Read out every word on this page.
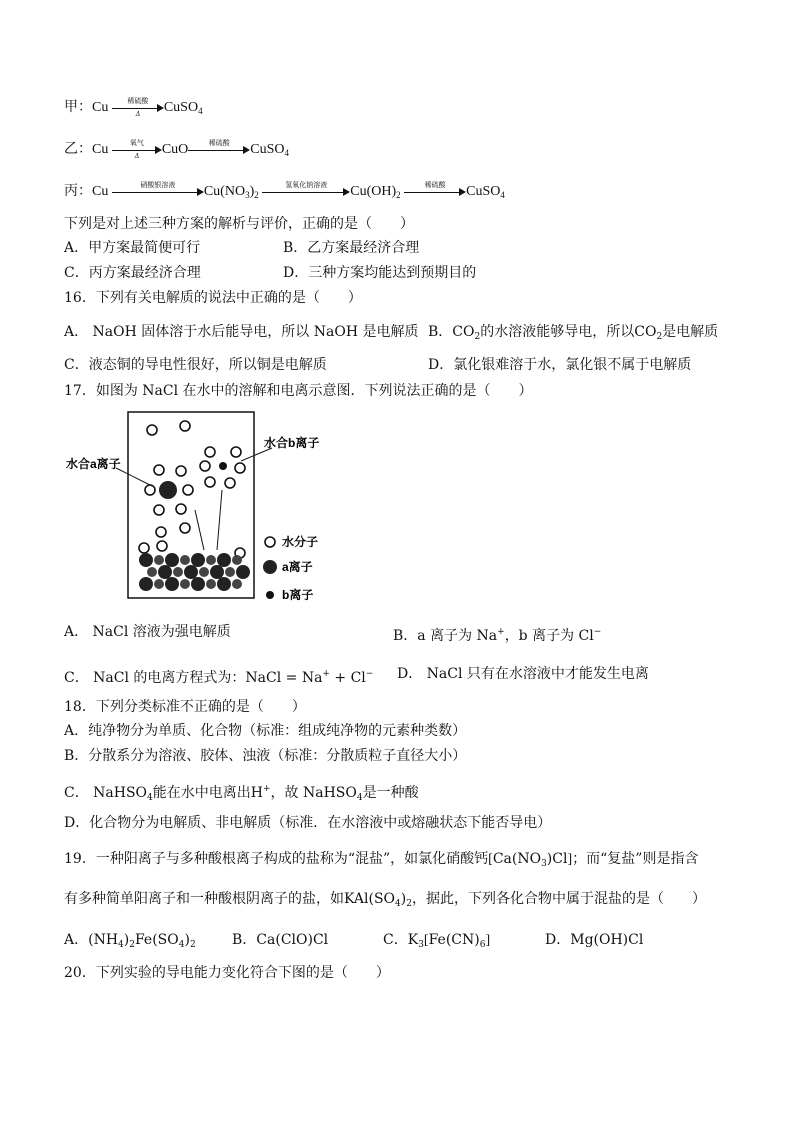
甲：Cu	稀硫酸
Δ	CuSO$_4$
乙：Cu	氧气
Δ	CuO	稀硫酸	CuSO$_4$
丙：Cu	硝酸银溶液	$Cu(NO_3)_2$
氢氧化钠溶液	$Cu(OH)_2$
稀硫酸	CuSO$_4$
下列是对上述三种方案的解析与评价，正确的是（　　）
A．甲方案最简便可行	B．乙方案最经济合理
C．丙方案最经济合理	D．三种方案均能达到预期目的
16．下列有关电解质的说法中正确的是（　　）
A． NaOH 固体溶于水后能导电，所以 NaOH 是电解质 B．$CO_2$的水溶液能够导电，所以$CO_2$是电解质
C．液态铜的导电性很好，所以铜是电解质	D．氯化银难溶于水，氯化银不属于电解质
17．如图为 NaCl 在水中的溶解和电离示意图．下列说法正确的是（　　）
水合b离子
水合a离子
水分子
a离子
b离子
A． NaCl 溶液为强电解质	B．a 离子为 Na+，b 离子为 Cl−
C． NaCl 的电离方程式为：NaCl = Na+ + Cl− D． NaCl 只有在水溶液中才能发生电离
18．下列分类标准不正确的是（　　）
A．纯净物分为单质、化合物（标准：组成纯净物的元素种类数）
B．分散系分为溶液、胶体、浊液（标准：分散质粒子直径大小）
C． NaHSO$_4$能在水中电离出H+，故 NaHSO$_4$是一种酸
D．化合物分为电解质、非电解质（标准．在水溶液中或熔融状态下能否导电）
19．一种阳离子与多种酸根离子构成的盐称为“混盐”，如氯化硝酸钙$[Ca(NO_3)Cl]$；而“复盐”则是指含
有多种简单阳离子和一种酸根阴离子的盐，如$KAl(SO_4)_2$，据此，下列各化合物中属于混盐的是（　　）
A．$(NH_4)_2Fe(SO_4)_2$	B．Ca(ClO)Cl	C．$K_3[Fe(CN)_6]$	D．Mg(OH)Cl
20．下列实验的导电能力变化符合下图的是（　　）
